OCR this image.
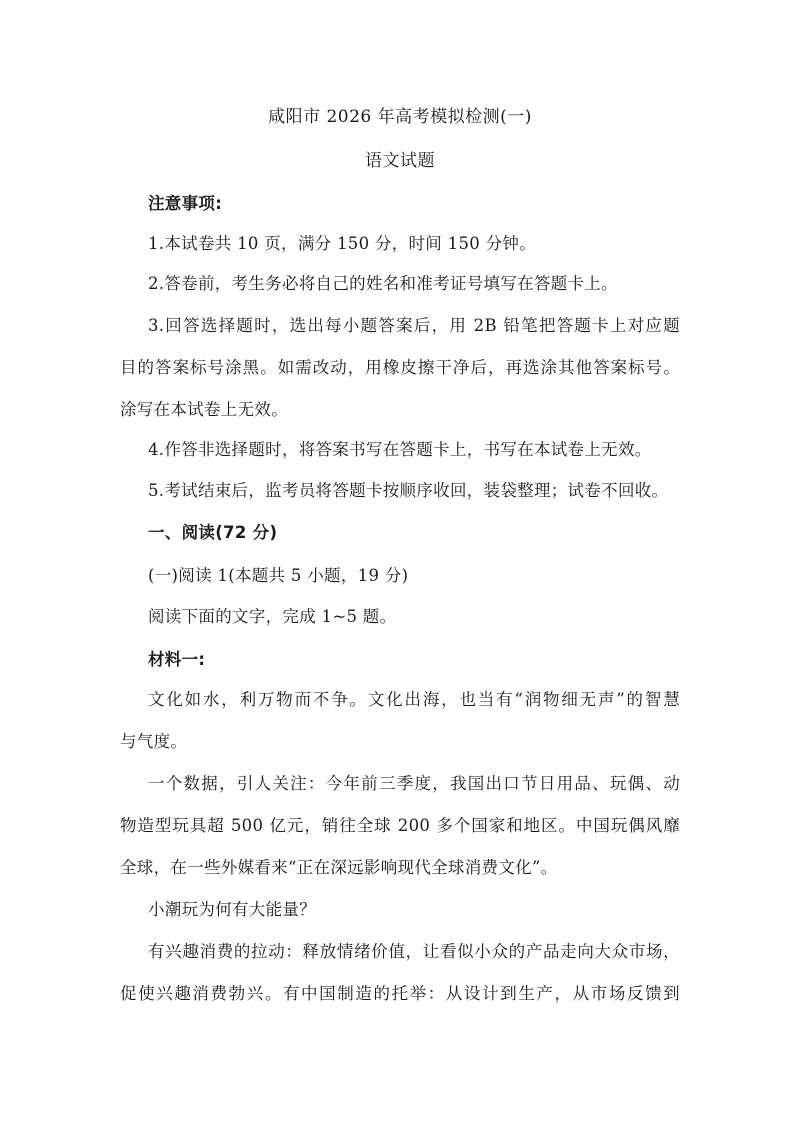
咸阳市 2026 年高考模拟检测(一)
语文试题
注意事项:
1.本试卷共 10 页，满分 150 分，时间 150 分钟。
2.答卷前，考生务必将自己的姓名和准考证号填写在答题卡上。
3.回答选择题时，选出每小题答案后，用 2B 铅笔把答题卡上对应题
目的答案标号涂黑。如需改动，用橡皮擦干净后，再选涂其他答案标号。
涂写在本试卷上无效。
4.作答非选择题时，将答案书写在答题卡上，书写在本试卷上无效。
5.考试结束后，监考员将答题卡按顺序收回，装袋整理；试卷不回收。
一、阅读(72 分)
(一)阅读 1(本题共 5 小题，19 分)
阅读下面的文字，完成 1~5 题。
材料一:
文化如水，利万物而不争。文化出海，也当有“润物细无声”的智慧
与气度。
一个数据，引人关注：今年前三季度，我国出口节日用品、玩偶、动
物造型玩具超 500 亿元，销往全球 200 多个国家和地区。中国玩偶风靡
全球，在一些外媒看来“正在深远影响现代全球消费文化”。
小潮玩为何有大能量？
有兴趣消费的拉动：释放情绪价值，让看似小众的产品走向大众市场，
促使兴趣消费勃兴。有中国制造的托举：从设计到生产，从市场反馈到
